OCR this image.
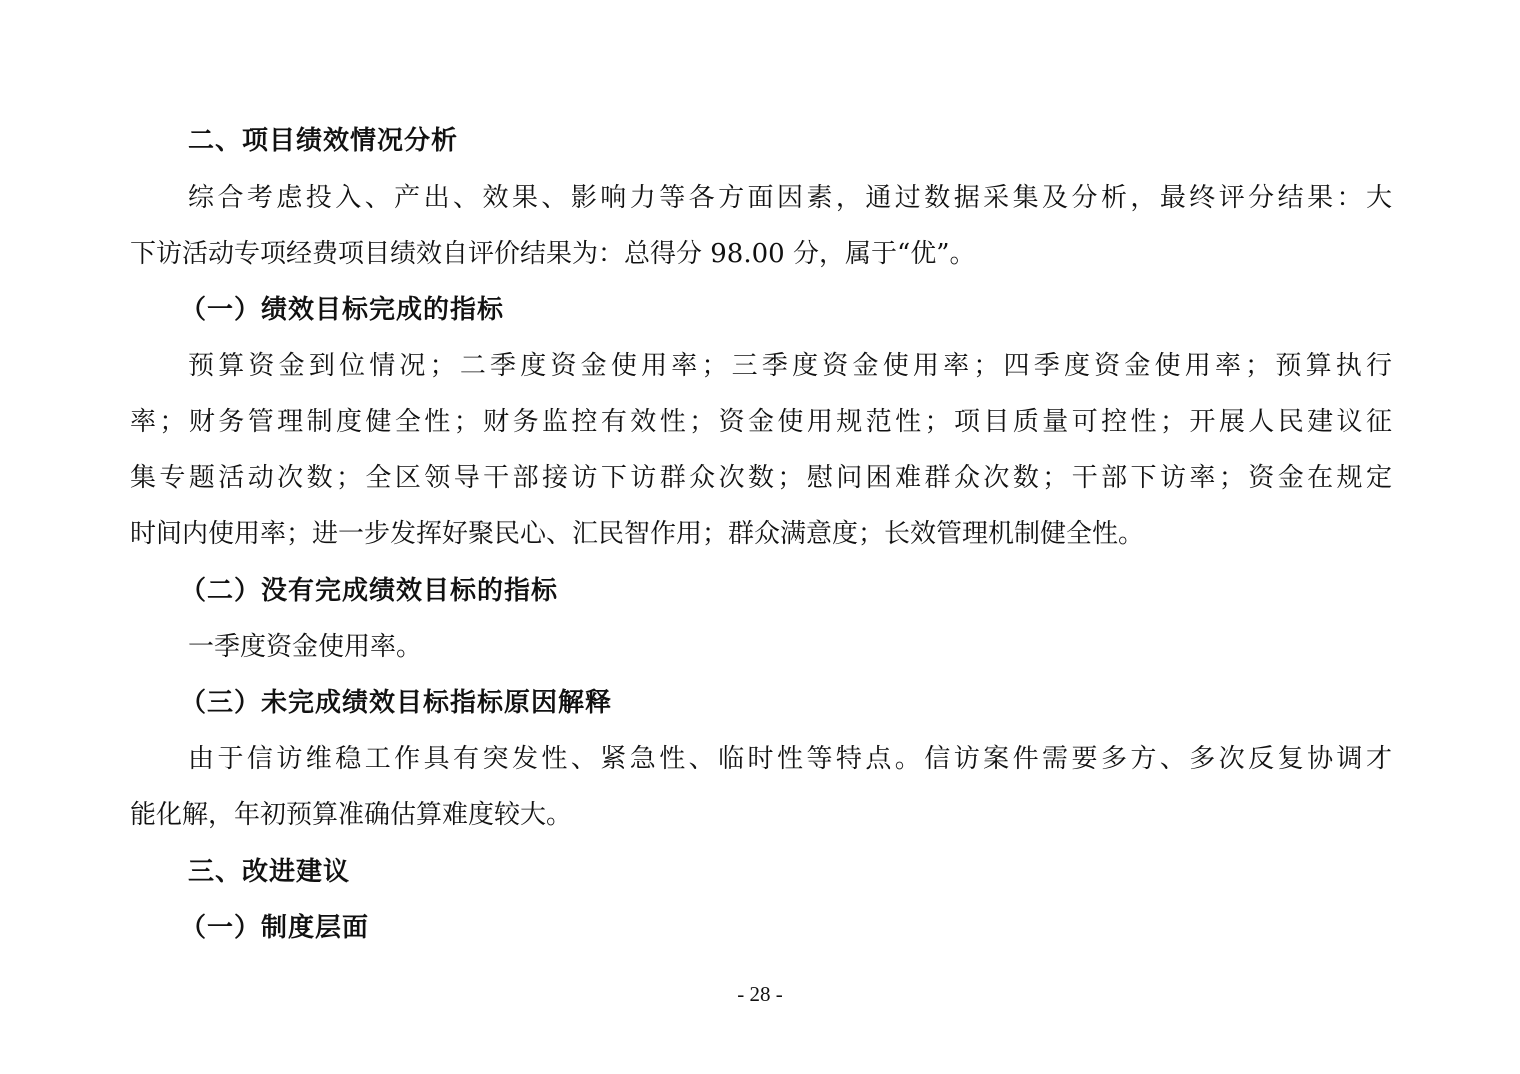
二、项目绩效情况分析

综合考虑投入、产出、效果、影响力等各方面因素，通过数据采集及分析，最终评分结果：大

下访活动专项经费项目绩效自评价结果为：总得分 98.00 分，属于“优”。

（一）绩效目标完成的指标

预算资金到位情况；二季度资金使用率；三季度资金使用率；四季度资金使用率；预算执行

率；财务管理制度健全性；财务监控有效性；资金使用规范性；项目质量可控性；开展人民建议征

集专题活动次数；全区领导干部接访下访群众次数；慰问困难群众次数；干部下访率；资金在规定

时间内使用率；进一步发挥好聚民心、汇民智作用；群众满意度；长效管理机制健全性。

（二）没有完成绩效目标的指标

一季度资金使用率。

（三）未完成绩效目标指标原因解释

由于信访维稳工作具有突发性、紧急性、临时性等特点。信访案件需要多方、多次反复协调才

能化解，年初预算准确估算难度较大。

三、改进建议

（一）制度层面

- 28 -
